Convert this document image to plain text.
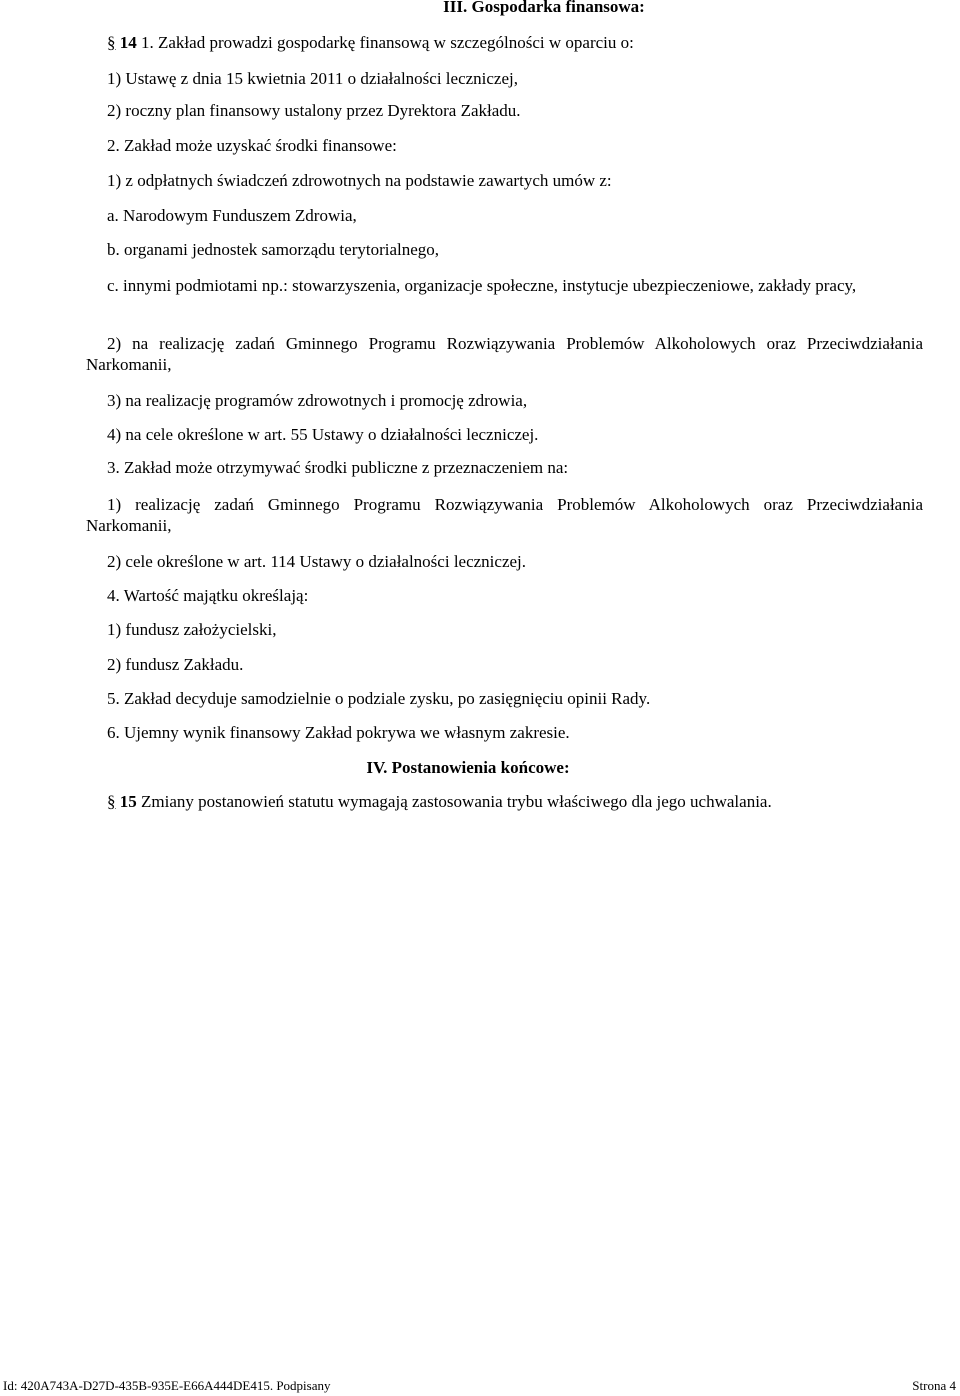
III. Gospodarka finansowa:
§ 14 1. Zakład prowadzi gospodarkę finansową w szczególności w oparciu o:
1) Ustawę z dnia 15 kwietnia 2011 o działalności leczniczej,
2) roczny plan finansowy ustalony przez Dyrektora Zakładu.
2. Zakład może uzyskać środki finansowe:
1) z odpłatnych świadczeń zdrowotnych na podstawie zawartych umów z:
a. Narodowym Funduszem Zdrowia,
b. organami jednostek samorządu terytorialnego,
c. innymi podmiotami np.: stowarzyszenia, organizacje społeczne, instytucje ubezpieczeniowe, zakłady pracy,
2) na realizację zadań Gminnego Programu Rozwiązywania Problemów Alkoholowych oraz Przeciwdziałania Narkomanii,
3) na realizację programów zdrowotnych i promocję zdrowia,
4) na cele określone w art. 55 Ustawy o działalności leczniczej.
3. Zakład może otrzymywać środki publiczne z przeznaczeniem na:
1) realizację zadań Gminnego Programu Rozwiązywania Problemów Alkoholowych oraz Przeciwdziałania Narkomanii,
2) cele określone w art. 114 Ustawy o działalności leczniczej.
4. Wartość majątku określają:
1) fundusz założycielski,
2) fundusz Zakładu.
5. Zakład decyduje samodzielnie o podziale zysku, po zasięgnięciu opinii Rady.
6. Ujemny wynik finansowy Zakład pokrywa we własnym zakresie.
IV. Postanowienia końcowe:
§ 15 Zmiany postanowień statutu wymagają zastosowania trybu właściwego dla jego uchwalania.
Id: 420A743A-D27D-435B-935E-E66A444DE415. Podpisany	Strona 4
